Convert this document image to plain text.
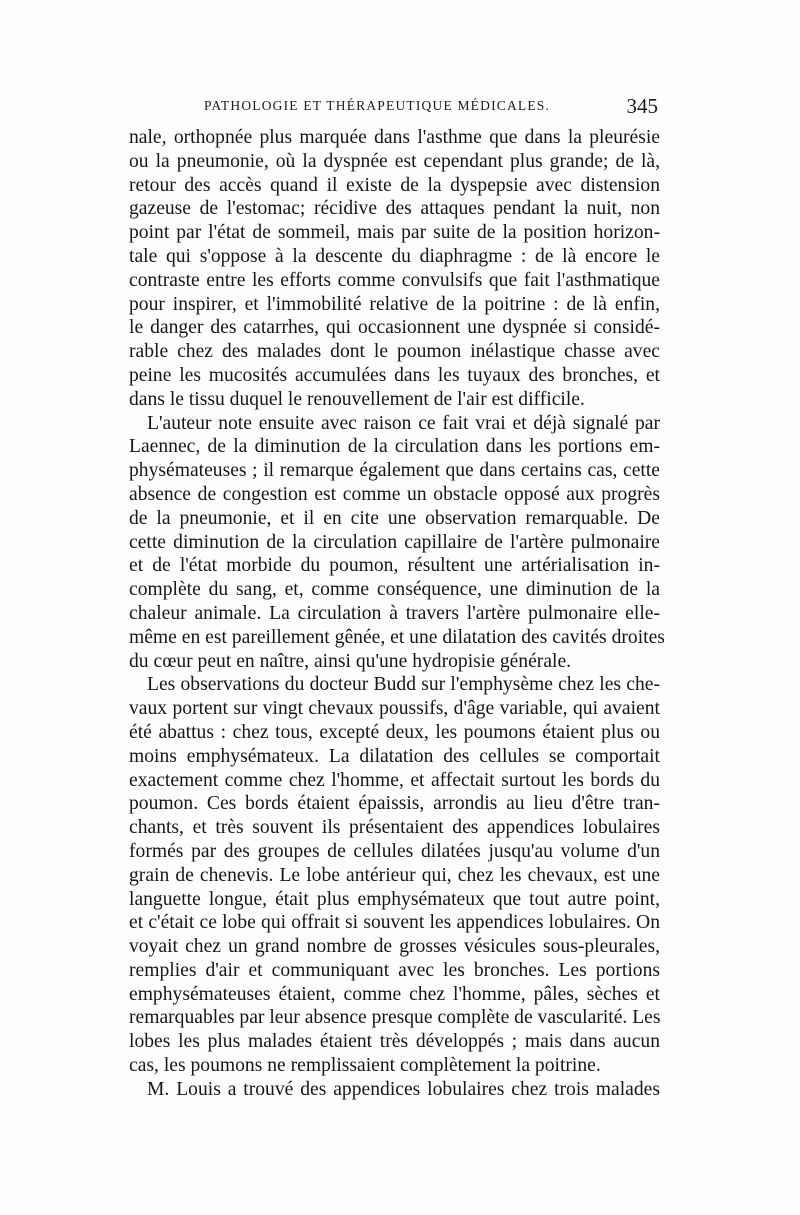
PATHOLOGIE ET THÉRAPEUTIQUE MÉDICALES.	345
nale, orthopnée plus marquée dans l'asthme que dans la pleurésie
ou la pneumonie, où la dyspnée est cependant plus grande; de là,
retour des accès quand il existe de la dyspepsie avec distension
gazeuse de l'estomac; récidive des attaques pendant la nuit, non
point par l'état de sommeil, mais par suite de la position horizon-
tale qui s'oppose à la descente du diaphragme : de là encore le
contraste entre les efforts comme convulsifs que fait l'asthmatique
pour inspirer, et l'immobilité relative de la poitrine : de là enfin,
le danger des catarrhes, qui occasionnent une dyspnée si considé-
rable chez des malades dont le poumon inélastique chasse avec
peine les mucosités accumulées dans les tuyaux des bronches, et
dans le tissu duquel le renouvellement de l'air est difficile.
L'auteur note ensuite avec raison ce fait vrai et déjà signalé par
Laennec, de la diminution de la circulation dans les portions em-
physémateuses ; il remarque également que dans certains cas, cette
absence de congestion est comme un obstacle opposé aux progrès
de la pneumonie, et il en cite une observation remarquable. De
cette diminution de la circulation capillaire de l'artère pulmonaire
et de l'état morbide du poumon, résultent une artérialisation in-
complète du sang, et, comme conséquence, une diminution de la
chaleur animale. La circulation à travers l'artère pulmonaire elle-
même en est pareillement gênée, et une dilatation des cavités droites
du cœur peut en naître, ainsi qu'une hydropisie générale.
Les observations du docteur Budd sur l'emphysème chez les che-
vaux portent sur vingt chevaux poussifs, d'âge variable, qui avaient
été abattus : chez tous, excepté deux, les poumons étaient plus ou
moins emphysémateux. La dilatation des cellules se comportait
exactement comme chez l'homme, et affectait surtout les bords du
poumon. Ces bords étaient épaissis, arrondis au lieu d'être tran-
chants, et très souvent ils présentaient des appendices lobulaires
formés par des groupes de cellules dilatées jusqu'au volume d'un
grain de chenevis. Le lobe antérieur qui, chez les chevaux, est une
languette longue, était plus emphysémateux que tout autre point,
et c'était ce lobe qui offrait si souvent les appendices lobulaires. On
voyait chez un grand nombre de grosses vésicules sous-pleurales,
remplies d'air et communiquant avec les bronches. Les portions
emphysémateuses étaient, comme chez l'homme, pâles, sèches et
remarquables par leur absence presque complète de vascularité. Les
lobes les plus malades étaient très développés ; mais dans aucun
cas, les poumons ne remplissaient complètement la poitrine.
M. Louis a trouvé des appendices lobulaires chez trois malades
